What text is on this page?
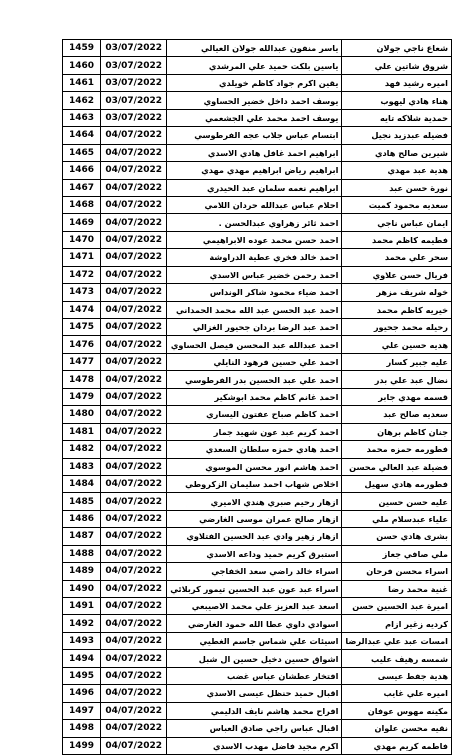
1459	03/07/2022	ياسر منفون عبدالله جولان العيالي	شعاع ناجي جولان
1460	03/07/2022	ياسين بلكت حميد علي المرشدي	شروق شاتين علي
1461	03/07/2022	يقين اكرم جواد كاظم خويلدي	اميره رشيد فهد
1462	03/07/2022	يوسف احمد داخل خضير الحساوي	هناء هادي ليهوب
1463	03/07/2022	يوسف احمد محمد علي الجشعمي	حمدية شلاكه تايه
1464	04/07/2022	ابتسام عباس جلاب عجه الفرطوسي	فضيله عبدزيد نجيل
1465	04/07/2022	ابراهيم احمد غافل هادي الاسدي	شيرين صالح هادي
1466	04/07/2022	ابراهيم رياض ابراهيم مهدي مهدي	هدية عبد مهدي
1467	04/07/2022	ابراهيم نعمه سلمان عبد الحيدري	نورة حسن عبد
1468	04/07/2022	احلام عباس عبدالله حردان اللامي	سعديه محمود كميت
1469	04/07/2022	احمد ثائر زهراوي عبدالحسن .	ايمان عباس ناجي
1470	04/07/2022	احمد حسن محمد عوده الابراهيمي	فطيمه كاظم محمد
1471	04/07/2022	احمد خالد فخري عطية الدراوشة	سحر علي محمد
1472	04/07/2022	احمد رحمن خضير عباس الاسدي	فريال حسن علاوي
1473	04/07/2022	احمد ضياء محمود شاكر الونداس	خوله شريف مزهر
1474	04/07/2022	احمد عبد الحسن عبد الله محمد الحمداني	خيريه كاظم محمد
1475	04/07/2022	احمد عبد الرضا بردان جحيور الغزالي	رحيله محمد جحيور
1476	04/07/2022	احمد عبدالله عبد المحسن فيصل الحساوي	هديه حسين علي
1477	04/07/2022	احمد علي حسين فرهود النايلي	عليه جبير كسار
1478	04/07/2022	احمد علي عبد الحسين بدر الفرطوسي	نضال عبد علي بدر
1479	04/07/2022	احمد غانم كاظم محمد ابوشكير	قسمه مهدي جابر
1480	04/07/2022	احمد كاظم صباح عفتون اليساري	سعديه صالح عبد
1481	04/07/2022	احمد كريم عبد عون شهيد جمار	جنان كاظم برهان
1482	04/07/2022	احمد هادي حمزه سلطان السعدي	فطورمه حمزه محمد
1483	04/07/2022	احمد هاشم انور محسن الموسوي	فضيلة عبد العالي محسن
1484	04/07/2022	اخلاص شهاب احمد سليمان الزكروطي	فطورمه هادي سهيل
1485	04/07/2022	ازهار رحيم صبري هندي الاميري	عليه حسن حسين
1486	04/07/2022	ازهار صالح عمران موسى الغارضي	علياء عبدسلام ملي
1487	04/07/2022	ازهار زهير وادي عبد الحسين الفتلاوي	بشرى هادي حسن
1488	04/07/2022	استبرق كريم حميد وداعه الاسدي	ملي صافي جعاز
1489	04/07/2022	اسراء خالد راضي سعد الخفاجي	اسراء محسن فرحان
1490	04/07/2022	اسراء عبد عون عبد الحسين تيمور كربلائي	غنية محمد رضا
1491	04/07/2022	اسعد عبد العزيز علي محمد الاصيبعي	اميرة عبد الحسين حسن
1492	04/07/2022	اسوادي داوي عطا الله حمود الغارضي	كرديه زغير ازام
1493	04/07/2022	اسيئات علي شماس جاسم الغطيي	امسات عبد علي عبدالرضا
1494	04/07/2022	اشواق حسين دخيل حسين ال شبل	شمسه رهيف عليب
1495	04/07/2022	افتخار عطشان عباس غضب	هدية جفط عيسى
1496	04/07/2022	اقبال حميد حنظل عيسى الاسدي	اميره علي غايب
1497	04/07/2022	افراح محمد هاشم نايف الدليمي	مكينه مهوس عوفان
1498	04/07/2022	اقبال عباس راجي صادق العباس	نقيه محسن علوان
1499	04/07/2022	اكرم مجيد فاضل مهدب الاسدي	فاطمه كريم مهدي
